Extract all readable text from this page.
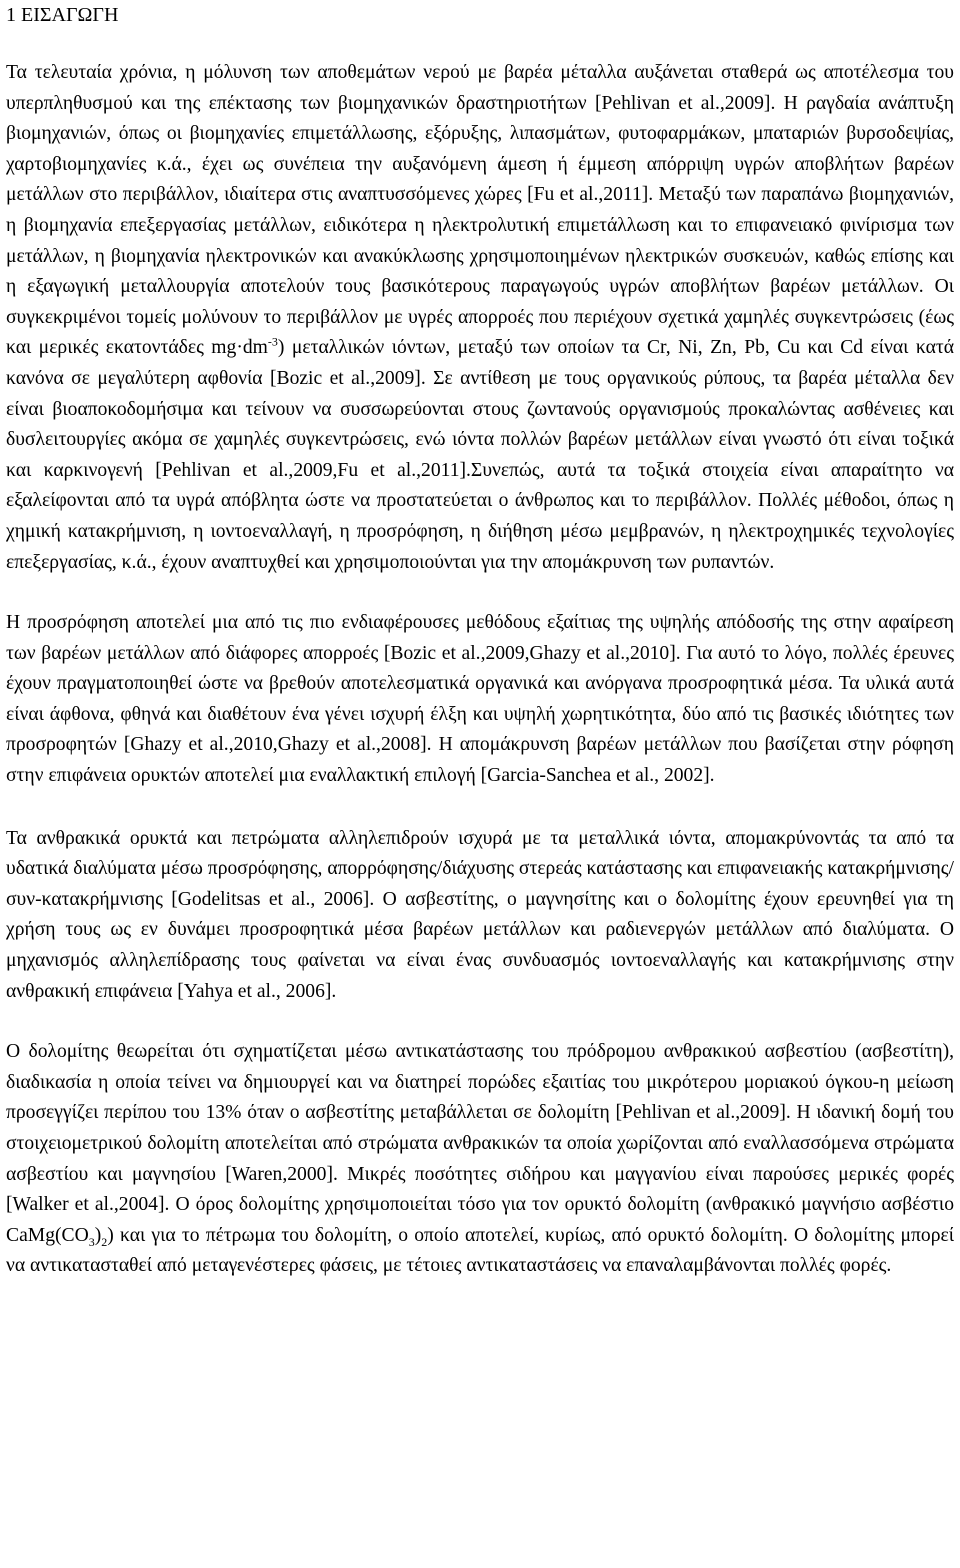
1 ΕΙΣΑΓΩΓΗ

Τα τελευταία χρόνια, η μόλυνση των αποθεμάτων νερού με βαρέα μέταλλα αυξάνεται σταθερά ως αποτέλεσμα του υπερπληθυσμού και της επέκτασης των βιομηχανικών δραστηριοτήτων [Pehlivan et al.,2009]. Η ραγδαία ανάπτυξη βιομηχανιών, όπως οι βιομηχανίες επιμετάλλωσης, εξόρυξης, λιπασμάτων, φυτοφαρμάκων, μπαταριών βυρσοδεψίας, χαρτοβιομηχανίες κ.ά., έχει ως συνέπεια την αυξανόμενη άμεση ή έμμεση απόρριψη υγρών αποβλήτων βαρέων μετάλλων στο περιβάλλον, ιδιαίτερα στις αναπτυσσόμενες χώρες [Fu et al.,2011]. Μεταξύ των παραπάνω βιομηχανιών, η βιομηχανία επεξεργασίας μετάλλων, ειδικότερα η ηλεκτρολυτική επιμετάλλωση και το επιφανειακό φινίρισμα των μετάλλων, η βιομηχανία ηλεκτρονικών και ανακύκλωσης χρησιμοποιημένων ηλεκτρικών συσκευών, καθώς επίσης και η εξαγωγική μεταλλουργία αποτελούν τους βασικότερους παραγωγούς υγρών αποβλήτων βαρέων μετάλλων. Οι συγκεκριμένοι τομείς μολύνουν το περιβάλλον με υγρές απορροές που περιέχουν σχετικά χαμηλές συγκεντρώσεις (έως και μερικές εκατοντάδες $mg\cdot dm^{-3}$) μεταλλικών ιόντων, μεταξύ των οποίων τα Cr, Ni, Zn, Pb, Cu και Cd είναι κατά κανόνα σε μεγαλύτερη αφθονία [Bozic et al.,2009]. Σε αντίθεση με τους οργανικούς ρύπους, τα βαρέα μέταλλα δεν είναι βιοαποκοδομήσιμα και τείνουν να συσσωρεύονται στους ζωντανούς οργανισμούς προκαλώντας ασθένειες και δυσλειτουργίες ακόμα σε χαμηλές συγκεντρώσεις, ενώ ιόντα πολλών βαρέων μετάλλων είναι γνωστό ότι είναι τοξικά και καρκινογενή [Pehlivan et al.,2009,Fu et al.,2011].Συνεπώς, αυτά τα τοξικά στοιχεία είναι απαραίτητο να εξαλείφονται από τα υγρά απόβλητα ώστε να προστατεύεται ο άνθρωπος και το περιβάλλον. Πολλές μέθοδοι, όπως η χημική κατακρήμνιση, η ιοντοεναλλαγή, η προσρόφηση, η διήθηση μέσω μεμβρανών, η ηλεκτροχημικές τεχνολογίες επεξεργασίας, κ.ά., έχουν αναπτυχθεί και χρησιμοποιούνται για την απομάκρυνση των ρυπαντών.

Η προσρόφηση αποτελεί μια από τις πιο ενδιαφέρουσες μεθόδους εξαίτιας της υψηλής απόδοσής της στην αφαίρεση των βαρέων μετάλλων από διάφορες απορροές [Bozic et al.,2009,Ghazy et al.,2010]. Για αυτό το λόγο, πολλές έρευνες έχουν πραγματοποιηθεί ώστε να βρεθούν αποτελεσματικά οργανικά και ανόργανα προσροφητικά μέσα. Τα υλικά αυτά είναι άφθονα, φθηνά και διαθέτουν ένα γένει ισχυρή έλξη και υψηλή χωρητικότητα, δύο από τις βασικές ιδιότητες των προσροφητών [Ghazy et al.,2010,Ghazy et al.,2008]. Η απομάκρυνση βαρέων μετάλλων που βασίζεται στην ρόφηση στην επιφάνεια ορυκτών αποτελεί μια εναλλακτική επιλογή [Garcia-Sanchea et al., 2002].

Τα ανθρακικά ορυκτά και πετρώματα αλληλεπιδρούν ισχυρά με τα μεταλλικά ιόντα, απομακρύνοντάς τα από τα υδατικά διαλύματα μέσω προσρόφησης, απορρόφησης/διάχυσης στερεάς κατάστασης και επιφανειακής κατακρήμνισης/συν-κατακρήμνισης [Godelitsas et al., 2006]. Ο ασβεστίτης, ο μαγνησίτης και ο δολομίτης έχουν ερευνηθεί για τη χρήση τους ως εν δυνάμει προσροφητικά μέσα βαρέων μετάλλων και ραδιενεργών μετάλλων από διαλύματα. Ο μηχανισμός αλληλεπίδρασης τους φαίνεται να είναι ένας συνδυασμός ιοντοεναλλαγής και κατακρήμνισης στην ανθρακική επιφάνεια [Yahya et al., 2006].

Ο δολομίτης θεωρείται ότι σχηματίζεται μέσω αντικατάστασης του πρόδρομου ανθρακικού ασβεστίου (ασβεστίτη), διαδικασία η οποία τείνει να δημιουργεί και να διατηρεί πορώδες εξαιτίας του μικρότερου μοριακού όγκου-η μείωση προσεγγίζει περίπου του 13% όταν ο ασβεστίτης μεταβάλλεται σε δολομίτη [Pehlivan et al.,2009]. Η ιδανική δομή του στοιχειομετρικού δολομίτη αποτελείται από στρώματα ανθρακικών τα οποία χωρίζονται από εναλλασσόμενα στρώματα ασβεστίου και μαγνησίου [Waren,2000]. Μικρές ποσότητες σιδήρου και μαγγανίου είναι παρούσες μερικές φορές [Walker et al.,2004]. Ο όρος δολομίτης χρησιμοποιείται τόσο για τον ορυκτό δολομίτη (ανθρακικό μαγνήσιο ασβέστιο $CaMg(CO_3)_2$) και για το πέτρωμα του δολομίτη, ο οποίο αποτελεί, κυρίως, από ορυκτό δολομίτη. Ο δολομίτης μπορεί να αντικατασταθεί από μεταγενέστερες φάσεις, με τέτοιες αντικαταστάσεις να επαναλαμβάνονται πολλές φορές.
